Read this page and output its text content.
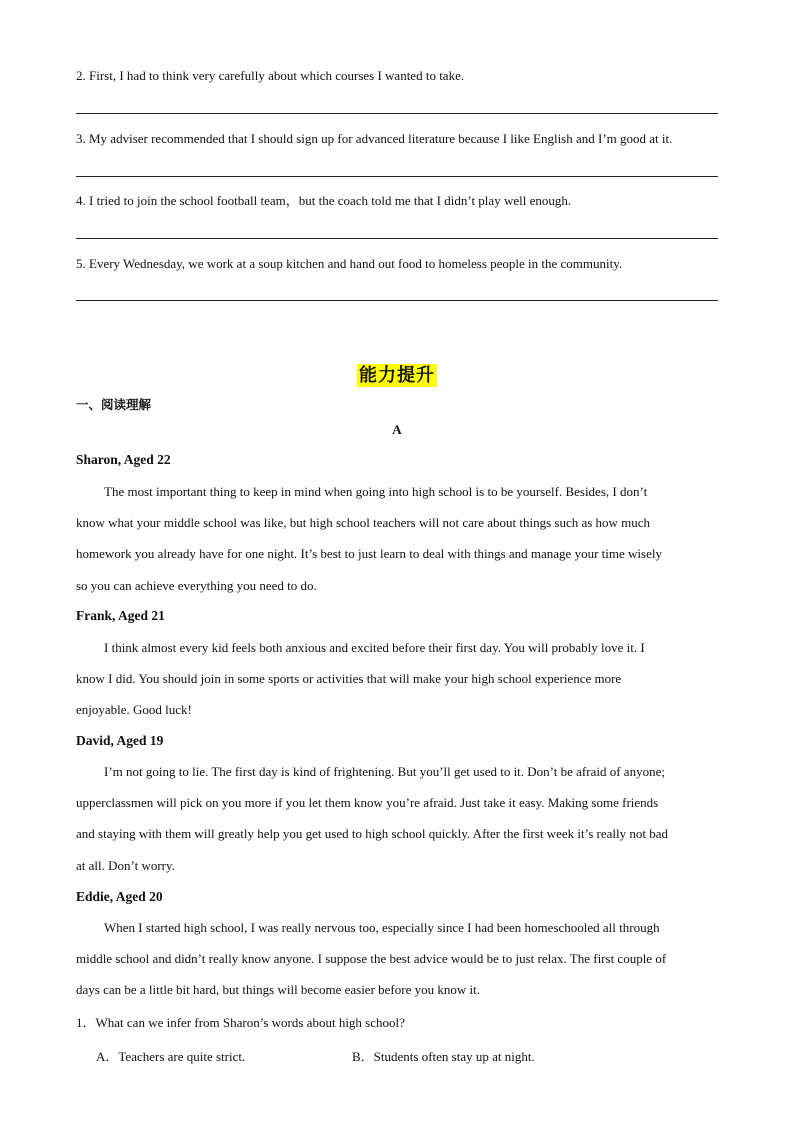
2. First, I had to think very carefully about which courses I wanted to take.
3. My adviser recommended that I should sign up for advanced literature because I like English and I’m good at it.
4. I tried to join the school football team，but the coach told me that I didn’t play well enough.
5. Every Wednesday, we work at a soup kitchen and hand out food to homeless people in the community.
能力提升
一、阅读理解
A
Sharon, Aged 22
The most important thing to keep in mind when going into high school is to be yourself. Besides, I don’t
know what your middle school was like, but high school teachers will not care about things such as how much
homework you already have for one night. It’s best to just learn to deal with things and manage your time wisely
so you can achieve everything you need to do.
Frank, Aged 21
I think almost every kid feels both anxious and excited before their first day. You will probably love it. I
know I did. You should join in some sports or activities that will make your high school experience more
enjoyable. Good luck!
David, Aged 19
I’m not going to lie. The first day is kind of frightening. But you’ll get used to it. Don’t be afraid of anyone;
upperclassmen will pick on you more if you let them know you’re afraid. Just take it easy. Making some friends
and staying with them will greatly help you get used to high school quickly. After the first week it’s really not bad
at all. Don’t worry.
Eddie, Aged 20
When I started high school, I was really nervous too, especially since I had been homeschooled all through
middle school and didn’t really know anyone. I suppose the best advice would be to just relax. The first couple of
days can be a little bit hard, but things will become easier before you know it.
1．What can we infer from Sharon’s words about high school?
A．Teachers are quite strict.	B．Students often stay up at night.
